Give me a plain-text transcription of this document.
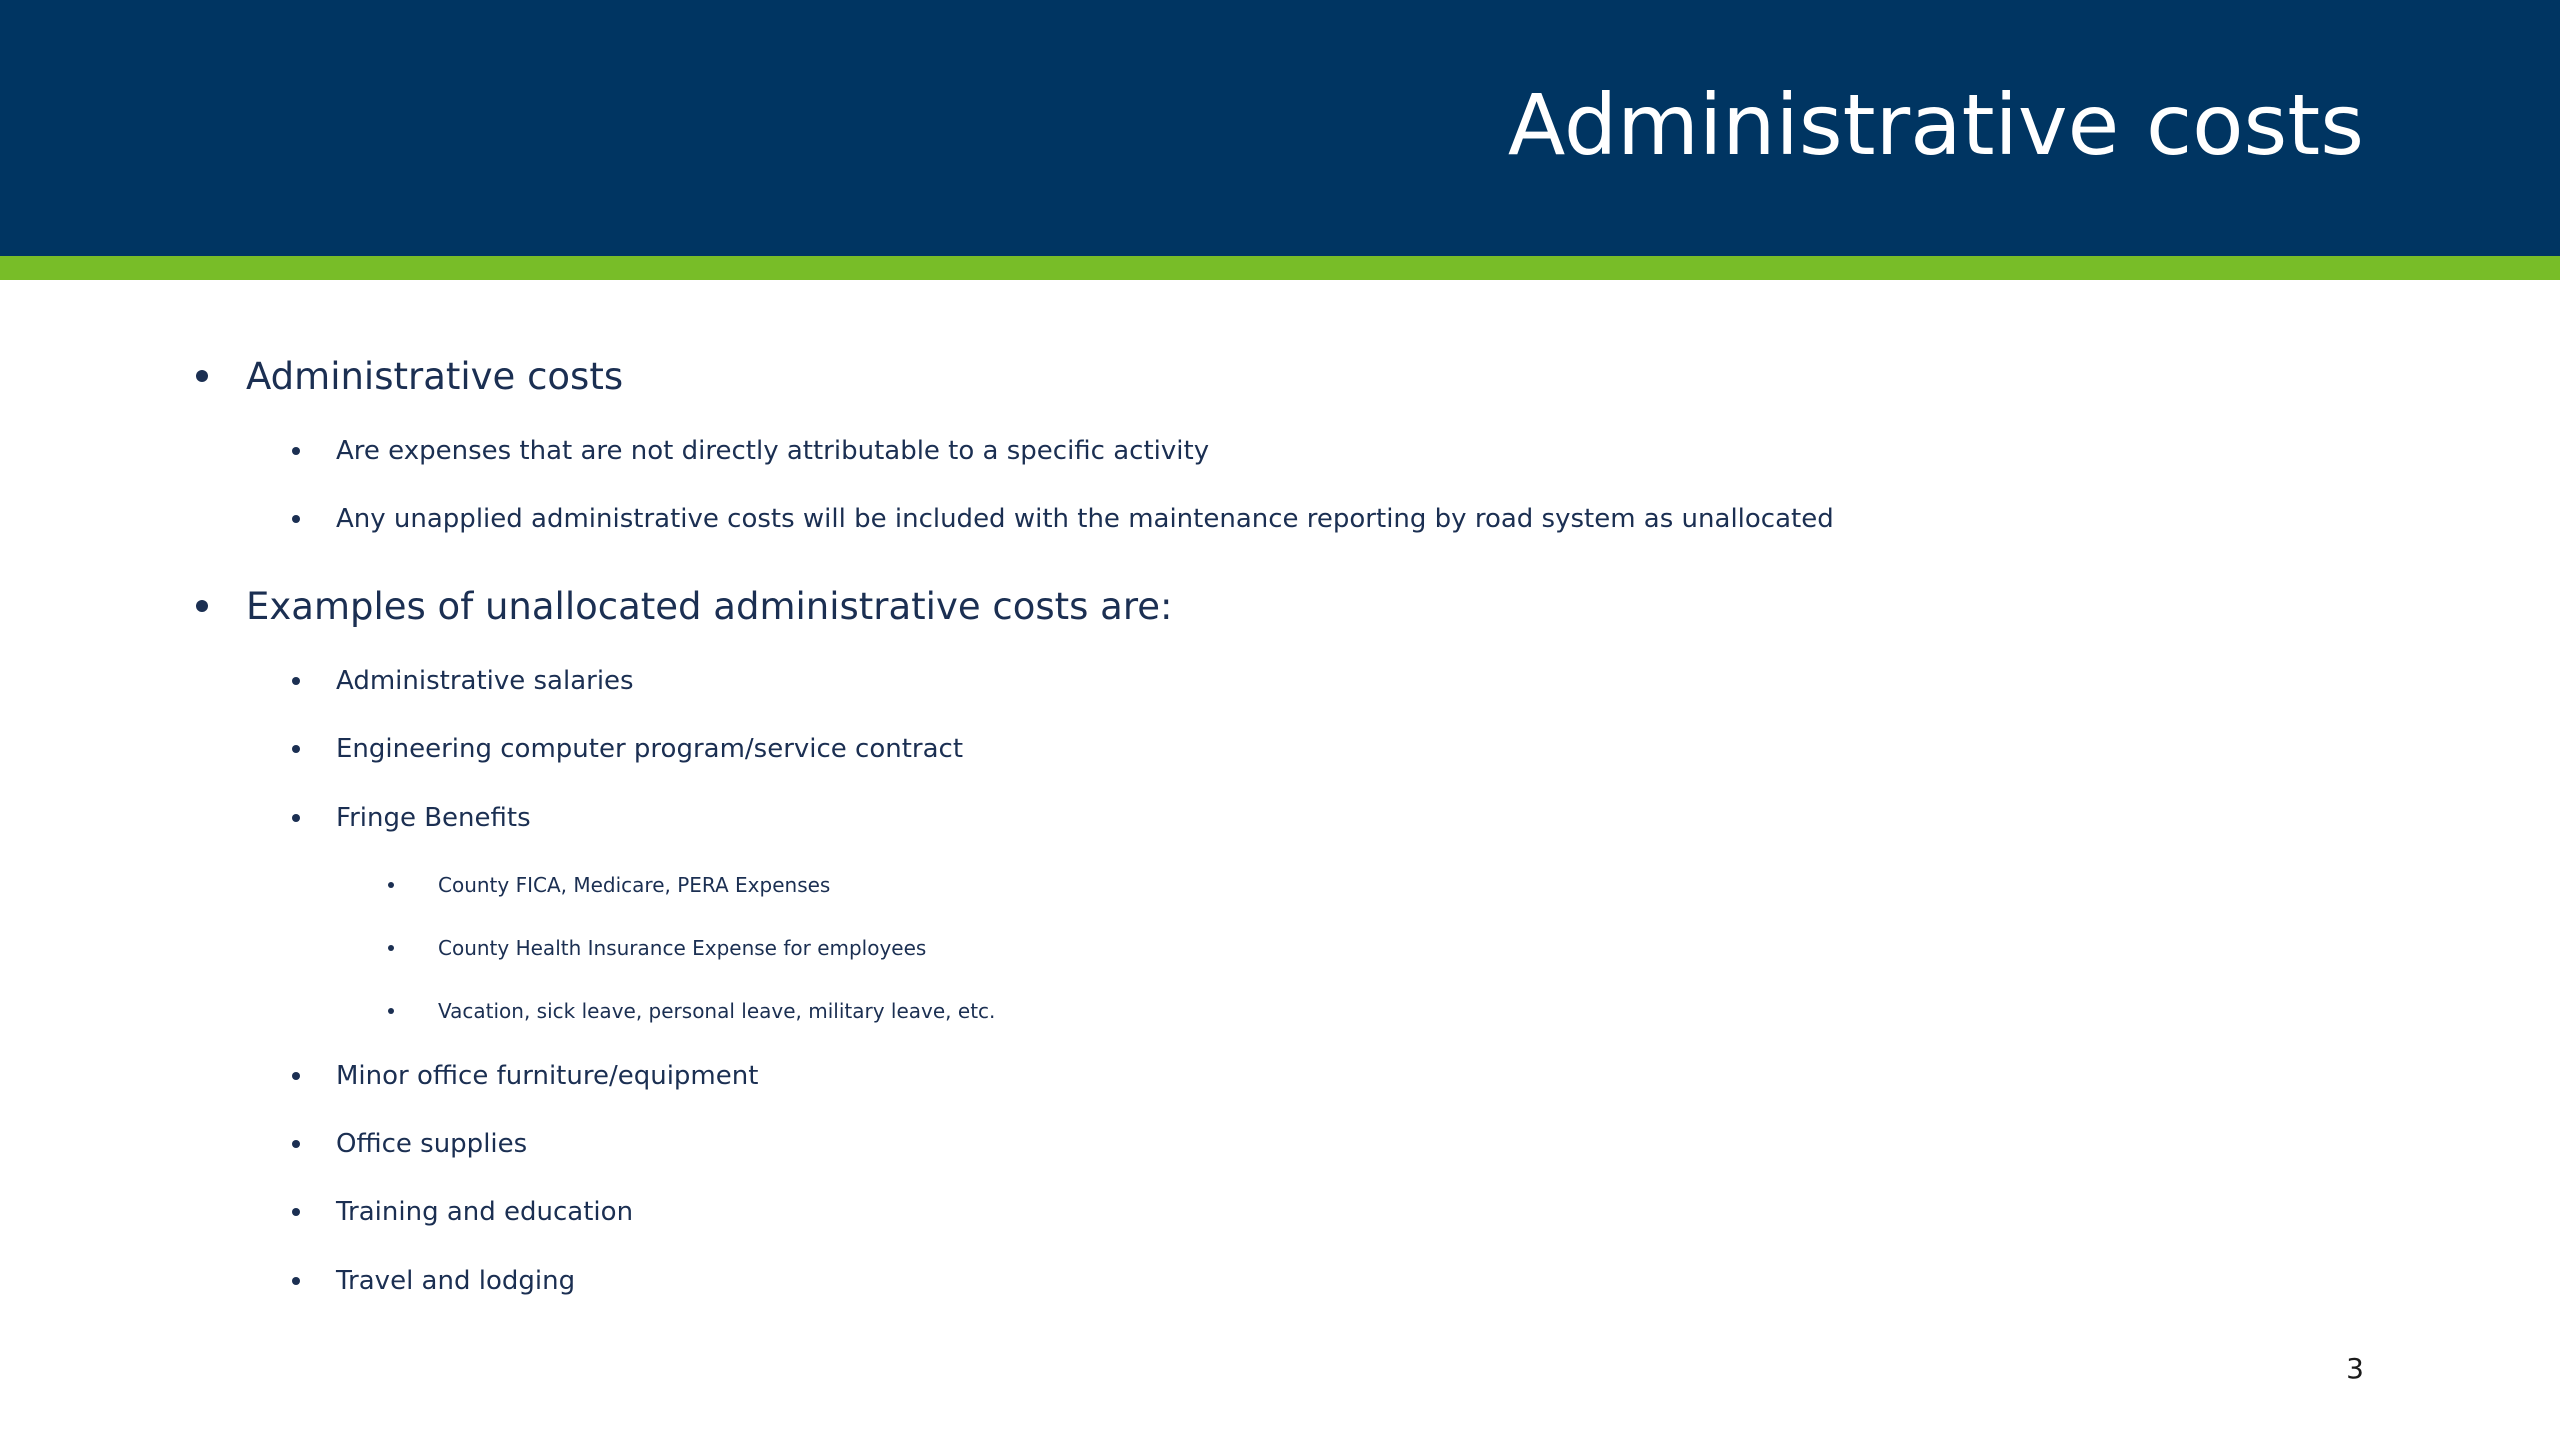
Administrative costs
Administrative costs
Are expenses that are not directly attributable to a specific activity
Any unapplied administrative costs will be included with the maintenance reporting by road system as unallocated
Examples of unallocated administrative costs are:
Administrative salaries
Engineering computer program/service contract
Fringe Benefits
County FICA, Medicare, PERA Expenses
County Health Insurance Expense for employees
Vacation, sick leave, personal leave, military leave, etc.
Minor office furniture/equipment
Office supplies
Training and education
Travel and lodging
3
